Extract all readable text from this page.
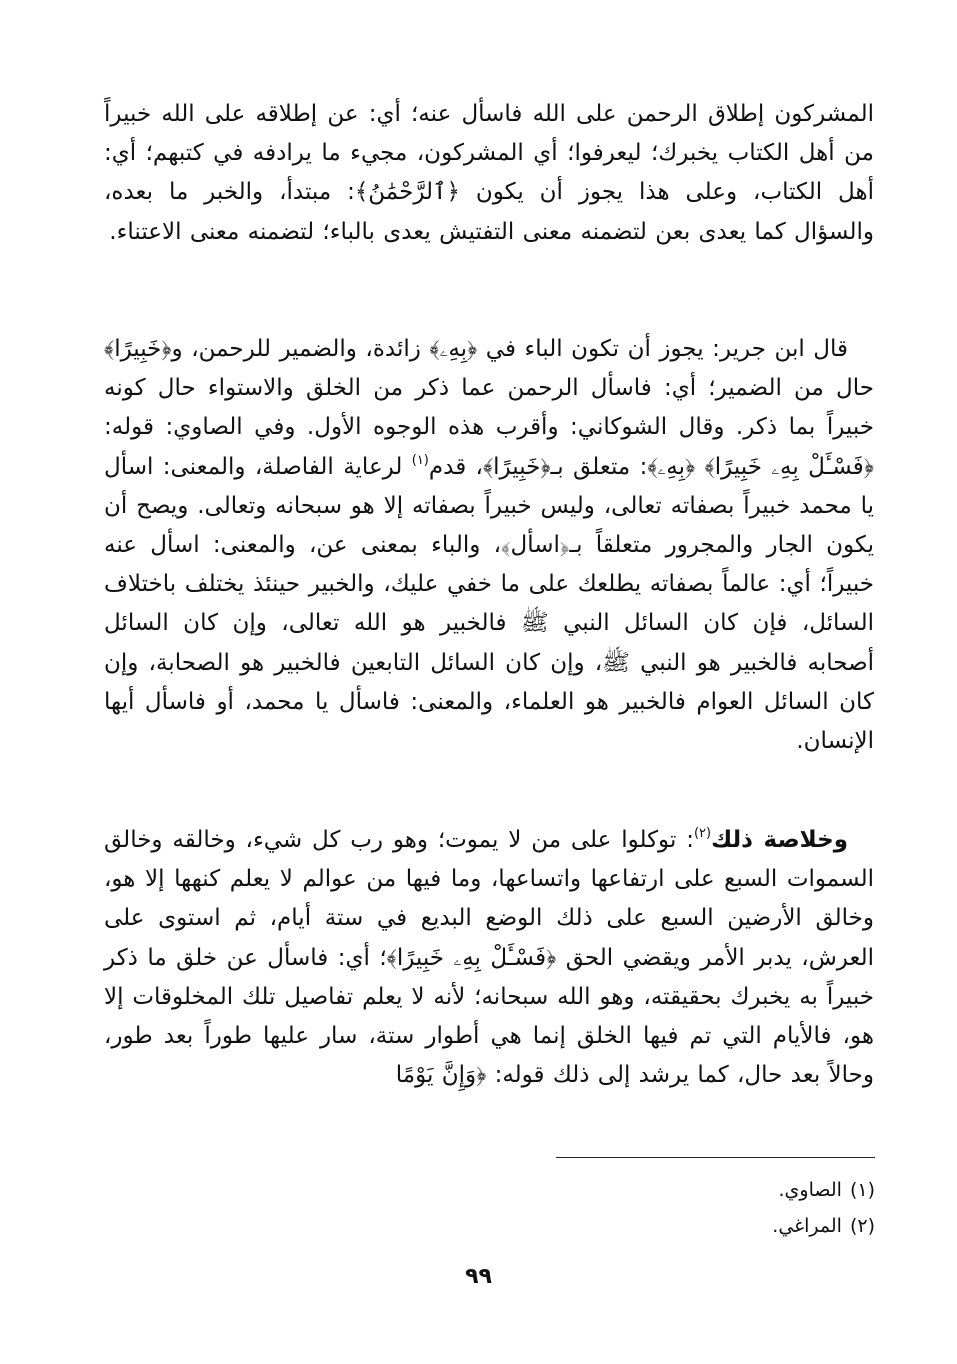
المشركون إطلاق الرحمن على الله فاسأل عنه؛ أي: عن إطلاقه على الله خبيراً من أهل الكتاب يخبرك؛ ليعرفوا؛ أي المشركون، مجيء ما يرادفه في كتبهم؛ أي: أهل الكتاب، وعلى هذا يجوز أن يكون ﴿ٱلرَّحْمَٰنُ﴾: مبتدأ، والخبر ما بعده، والسؤال كما يعدى بعن لتضمنه معنى التفتيش يعدى بالباء؛ لتضمنه معنى الاعتناء.
قال ابن جرير: يجوز أن تكون الباء في ﴿بِهِۦ﴾ زائدة، والضمير للرحمن، و﴿خَبِيرًا﴾ حال من الضمير؛ أي: فاسأل الرحمن عما ذكر من الخلق والاستواء حال كونه خبيراً بما ذكر. وقال الشوكاني: وأقرب هذه الوجوه الأول. وفي الصاوي: قوله: ﴿فَسْـَٔلْ بِهِۦ خَبِيرًا﴾ ﴿بِهِۦ﴾: متعلق بـ﴿خَبِيرًا﴾، قدم$^{(١)}$ لرعاية الفاصلة، والمعنى: اسأل يا محمد خبيراً بصفاته تعالى، وليس خبيراً بصفاته إلا هو سبحانه وتعالى. ويصح أن يكون الجار والمجرور متعلقاً بـ﴿اسأل﴾، والباء بمعنى عن، والمعنى: اسأل عنه خبيراً؛ أي: عالماً بصفاته يطلعك على ما خفي عليك، والخبير حينئذ يختلف باختلاف السائل، فإن كان السائل النبي ﷺ فالخبير هو الله تعالى، وإن كان السائل أصحابه فالخبير هو النبي ﷺ، وإن كان السائل التابعين فالخبير هو الصحابة، وإن كان السائل العوام فالخبير هو العلماء، والمعنى: فاسأل يا محمد، أو فاسأل أيها الإنسان.
وخلاصة ذلك$^{(٢)}$: توكلوا على من لا يموت؛ وهو رب كل شيء، وخالقه وخالق السموات السبع على ارتفاعها واتساعها، وما فيها من عوالم لا يعلم كنهها إلا هو، وخالق الأرضين السبع على ذلك الوضع البديع في ستة أيام، ثم استوى على العرش، يدبر الأمر ويقضي الحق ﴿فَسْـَٔلْ بِهِۦ خَبِيرًا﴾؛ أي: فاسأل عن خلق ما ذكر خبيراً به يخبرك بحقيقته، وهو الله سبحانه؛ لأنه لا يعلم تفاصيل تلك المخلوقات إلا هو، فالأيام التي تم فيها الخلق إنما هي أطوار ستة، سار عليها طوراً بعد طور، وحالاً بعد حال، كما يرشد إلى ذلك قوله: ﴿وَإِنَّ يَوْمًا
(١)الصاوي.
(٢)المراغي.
٩٩
